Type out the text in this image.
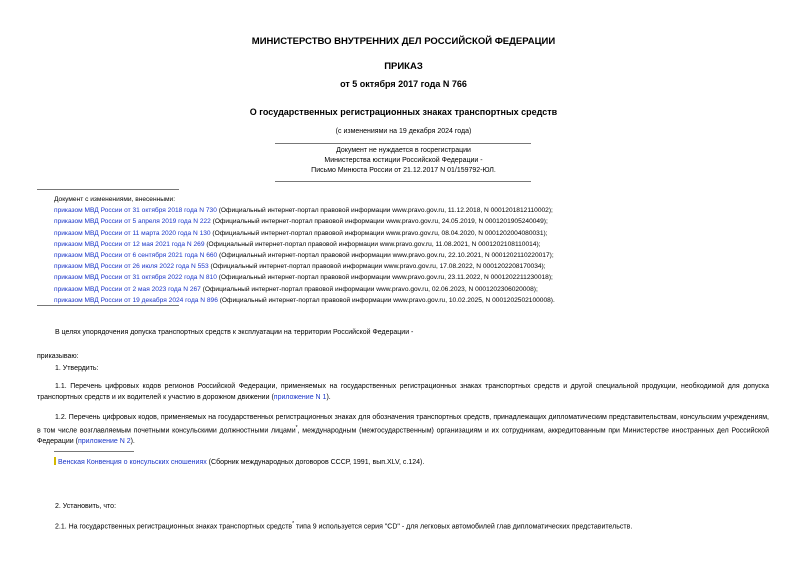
МИНИСТЕРСТВО ВНУТРЕННИХ ДЕЛ РОССИЙСКОЙ ФЕДЕРАЦИИ
ПРИКАЗ
от 5 октября 2017 года N 766
О государственных регистрационных знаках транспортных средств
(с изменениями на 19 декабря 2024 года)
Документ не нуждается в госрегистрации
Министерства юстиции Российской Федерации -
Письмо Минюста России от 21.12.2017 N 01/159792-ЮЛ.
Документ с изменениями, внесенными:
приказом МВД России от 31 октября 2018 года N 730 (Официальный интернет-портал правовой информации www.pravo.gov.ru, 11.12.2018, N 0001201812110002);
приказом МВД России от 5 апреля 2019 года N 222 (Официальный интернет-портал правовой информации www.pravo.gov.ru, 24.05.2019, N 0001201905240049);
приказом МВД России от 11 марта 2020 года N 130 (Официальный интернет-портал правовой информации www.pravo.gov.ru, 08.04.2020, N 0001202004080031);
приказом МВД России от 12 мая 2021 года N 269 (Официальный интернет-портал правовой информации www.pravo.gov.ru, 11.08.2021, N 0001202108110014);
приказом МВД России от 6 сентября 2021 года N 660 (Официальный интернет-портал правовой информации www.pravo.gov.ru, 22.10.2021, N 0001202110220017);
приказом МВД России от 26 июля 2022 года N 553 (Официальный интернет-портал правовой информации www.pravo.gov.ru, 17.08.2022, N 0001202208170034);
приказом МВД России от 31 октября 2022 года N 810 (Официальный интернет-портал правовой информации www.pravo.gov.ru, 23.11.2022, N 0001202211230018);
приказом МВД России от 2 мая 2023 года N 267 (Официальный интернет-портал правовой информации www.pravo.gov.ru, 02.06.2023, N 0001202306020008);
приказом МВД России от 19 декабря 2024 года N 896 (Официальный интернет-портал правовой информации www.pravo.gov.ru, 10.02.2025, N 0001202502100008).
В целях упорядочения допуска транспортных средств к эксплуатации на территории Российской Федерации -
приказываю:
1. Утвердить:
1.1. Перечень цифровых кодов регионов Российской Федерации, применяемых на государственных регистрационных знаках транспортных средств и другой специальной продукции, необходимой для допуска транспортных средств и их водителей к участию в дорожном движении (приложение N 1).
1.2. Перечень цифровых кодов, применяемых на государственных регистрационных знаках для обозначения транспортных средств, принадлежащих дипломатическим представительствам, консульским учреждениям, в том числе возглавляемым почетными консульскими должностными лицами*, международным (межгосударственным) организациям и их сотрудникам, аккредитованным при Министерстве иностранных дел Российской Федерации (приложение N 2).
Венская Конвенция о консульских сношениях (Сборник международных договоров СССР, 1991, вып.XLV, с.124).
2. Установить, что:
2.1. На государственных регистрационных знаках транспортных средств* типа 9 используется серия "CD" - для легковых автомобилей глав дипломатических представительств.
